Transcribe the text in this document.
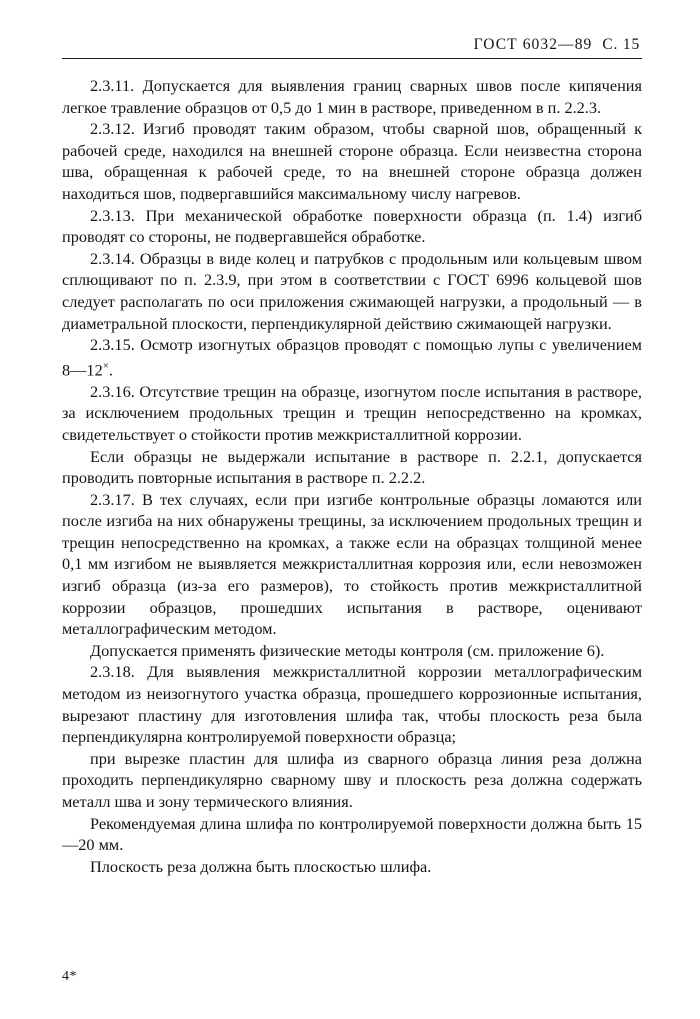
ГОСТ 6032—89 С. 15

2.3.11. Допускается для выявления границ сварных швов после кипячения легкое травление образцов от 0,5 до 1 мин в растворе, приведенном в п. 2.2.3.

2.3.12. Изгиб проводят таким образом, чтобы сварной шов, обращенный к рабочей среде, находился на внешней стороне образца. Если неизвестна сторона шва, обращенная к рабочей среде, то на внешней стороне образца должен находиться шов, подвергавшийся максимальному числу нагревов.

2.3.13. При механической обработке поверхности образца (п. 1.4) изгиб проводят со стороны, не подвергавшейся обработке.

2.3.14. Образцы в виде колец и патрубков с продольным или кольцевым швом сплющивают по п. 2.3.9, при этом в соответствии с ГОСТ 6996 кольцевой шов следует располагать по оси приложения сжимающей нагрузки, а продольный — в диаметральной плоскости, перпендикулярной действию сжимающей нагрузки.

2.3.15. Осмотр изогнутых образцов проводят с помощью лупы с увеличением 8—12×.

2.3.16. Отсутствие трещин на образце, изогнутом после испытания в растворе, за исключением продольных трещин и трещин непосредственно на кромках, свидетельствует о стойкости против межкристаллитной коррозии.

Если образцы не выдержали испытание в растворе п. 2.2.1, допускается проводить повторные испытания в растворе п. 2.2.2.

2.3.17. В тех случаях, если при изгибе контрольные образцы ломаются или после изгиба на них обнаружены трещины, за исключением продольных трещин и трещин непосредственно на кромках, а также если на образцах толщиной менее 0,1 мм изгибом не выявляется межкристаллитная коррозия или, если невозможен изгиб образца (из-за его размеров), то стойкость против межкристаллитной коррозии образцов, прошедших испытания в растворе, оценивают металлографическим методом.

Допускается применять физические методы контроля (см. приложение 6).

2.3.18. Для выявления межкристаллитной коррозии металлографическим методом из неизогнутого участка образца, прошедшего коррозионные испытания, вырезают пластину для изготовления шлифа так, чтобы плоскость реза была перпендикулярна контролируемой поверхности образца;

при вырезке пластин для шлифа из сварного образца линия реза должна проходить перпендикулярно сварному шву и плоскость реза должна содержать металл шва и зону термического влияния.

Рекомендуемая длина шлифа по контролируемой поверхности должна быть 15—20 мм.

Плоскость реза должна быть плоскостью шлифа.

4*
